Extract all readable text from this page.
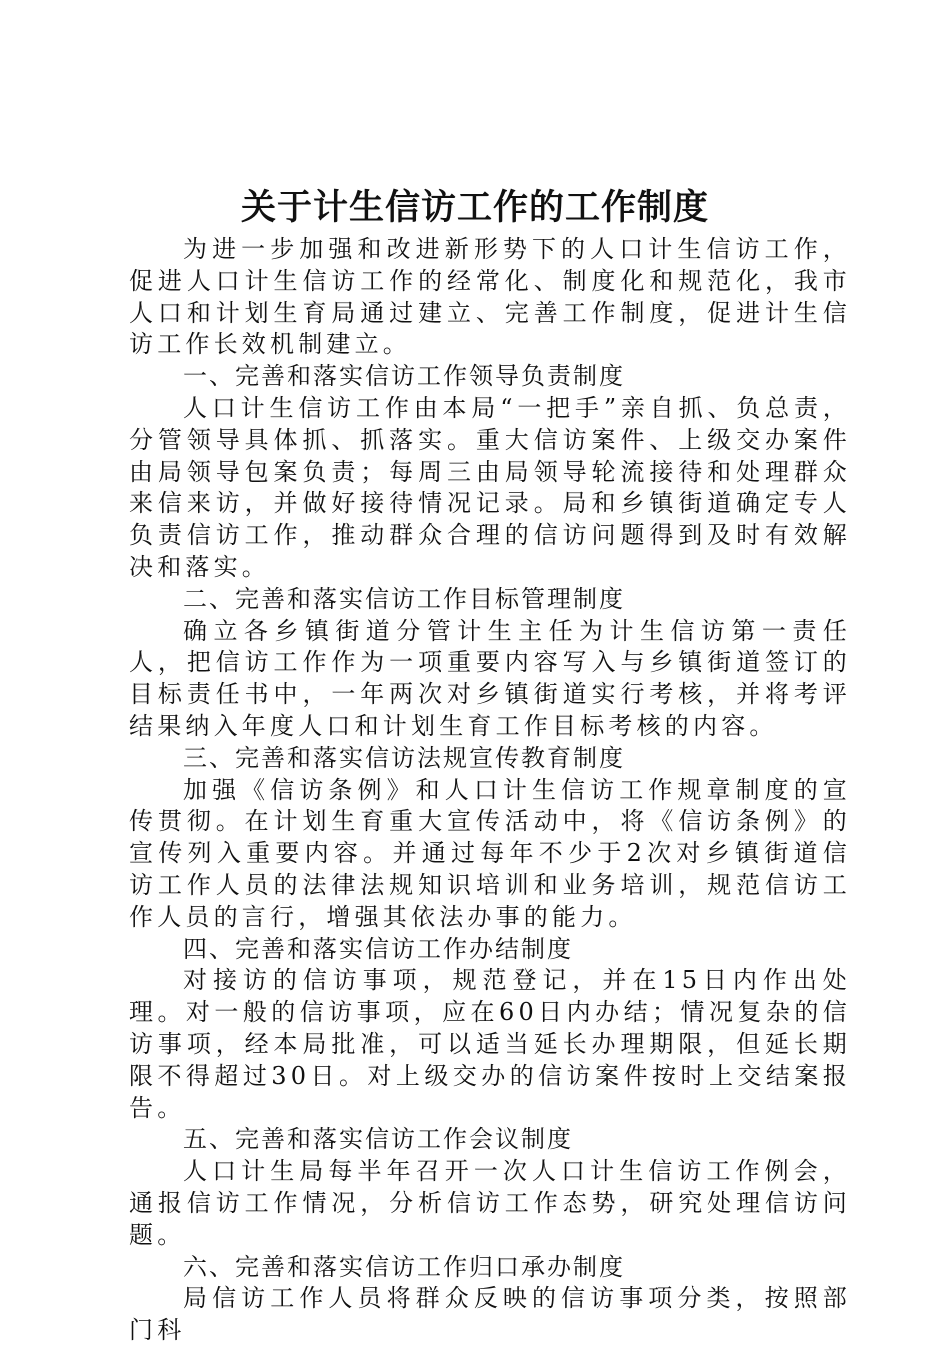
关于计生信访工作的工作制度

为进一步加强和改进新形势下的人口计生信访工作，促进人口计生信访工作的经常化、制度化和规范化，我市人口和计划生育局通过建立、完善工作制度，促进计生信访工作长效机制建立。

一、完善和落实信访工作领导负责制度

人口计生信访工作由本局“一把手”亲自抓、负总责，分管领导具体抓、抓落实。重大信访案件、上级交办案件由局领导包案负责；每周三由局领导轮流接待和处理群众来信来访，并做好接待情况记录。局和乡镇街道确定专人负责信访工作，推动群众合理的信访问题得到及时有效解决和落实。

二、完善和落实信访工作目标管理制度

确立各乡镇街道分管计生主任为计生信访第一责任人，把信访工作作为一项重要内容写入与乡镇街道签订的目标责任书中，一年两次对乡镇街道实行考核，并将考评结果纳入年度人口和计划生育工作目标考核的内容。

三、完善和落实信访法规宣传教育制度

加强《信访条例》和人口计生信访工作规章制度的宣传贯彻。在计划生育重大宣传活动中，将《信访条例》的宣传列入重要内容。并通过每年不少于2次对乡镇街道信访工作人员的法律法规知识培训和业务培训，规范信访工作人员的言行，增强其依法办事的能力。

四、完善和落实信访工作办结制度

对接访的信访事项，规范登记，并在15日内作出处理。对一般的信访事项，应在60日内办结；情况复杂的信访事项，经本局批准，可以适当延长办理期限，但延长期限不得超过30日。对上级交办的信访案件按时上交结案报告。

五、完善和落实信访工作会议制度

人口计生局每半年召开一次人口计生信访工作例会，通报信访工作情况，分析信访工作态势，研究处理信访问题。

六、完善和落实信访工作归口承办制度

局信访工作人员将群众反映的信访事项分类，按照部门科
